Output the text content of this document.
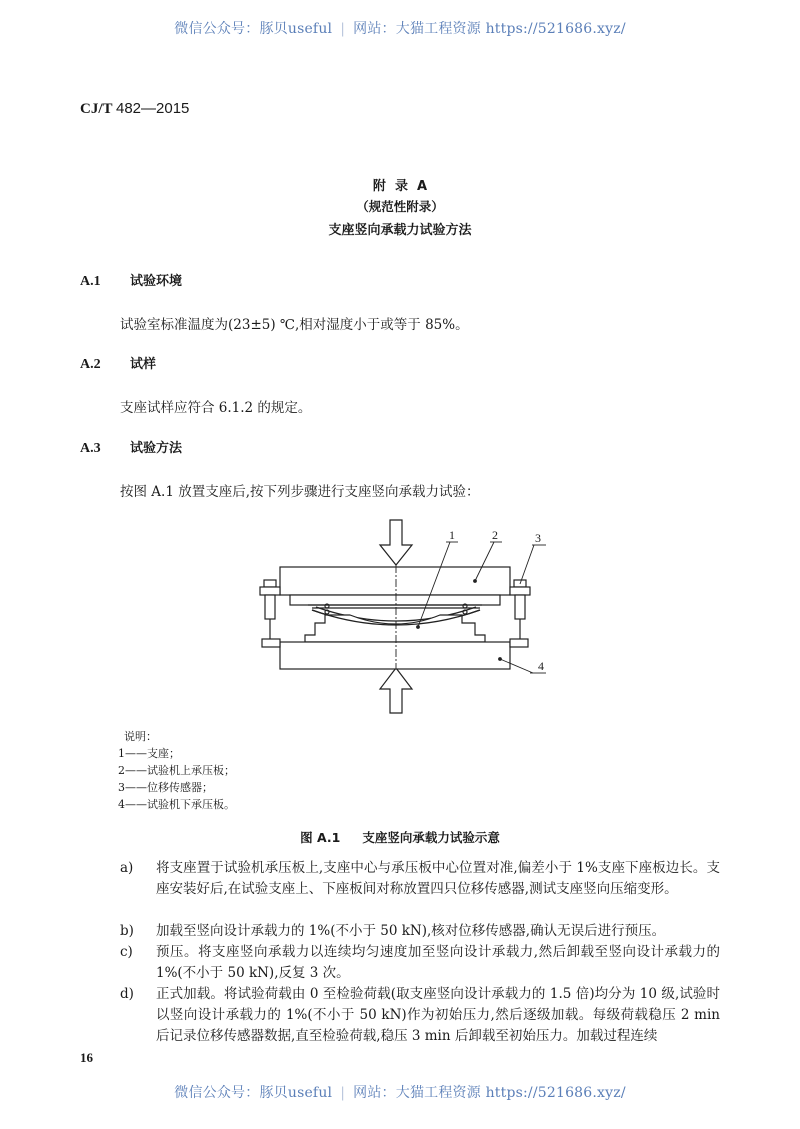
微信公众号：豚贝useful | 网站：大猫工程资源 https://521686.xyz/
CJ/T 482—2015
附  录  A
（规范性附录）
支座竖向承载力试验方法
A.1 试验环境
试验室标准温度为(23±5) ℃,相对湿度小于或等于 85%。
A.2 试样
支座试样应符合 6.1.2 的规定。
A.3 试验方法
按图 A.1 放置支座后,按下列步骤进行支座竖向承载力试验：
1	2	3
4
说明：
1——支座；
2——试验机上承压板；
3——位移传感器；
4——试验机下承压板。
图 A.1 支座竖向承载力试验示意
a)	将支座置于试验机承压板上,支座中心与承压板中心位置对准,偏差小于 1%支座下座板边长。支座安装好后,在试验支座上、下座板间对称放置四只位移传感器,测试支座竖向压缩变形。
b)	加载至竖向设计承载力的 1%(不小于 50 kN),核对位移传感器,确认无误后进行预压。
c)	预压。将支座竖向承载力以连续均匀速度加至竖向设计承载力,然后卸载至竖向设计承载力的 1%(不小于 50 kN),反复 3 次。
d)	正式加载。将试验荷载由 0 至检验荷载(取支座竖向设计承载力的 1.5 倍)均分为 10 级,试验时以竖向设计承载力的 1%(不小于 50 kN)作为初始压力,然后逐级加载。每级荷载稳压 2 min 后记录位移传感器数据,直至检验荷载,稳压 3 min 后卸载至初始压力。加载过程连续
16
微信公众号：豚贝useful | 网站：大猫工程资源 https://521686.xyz/
